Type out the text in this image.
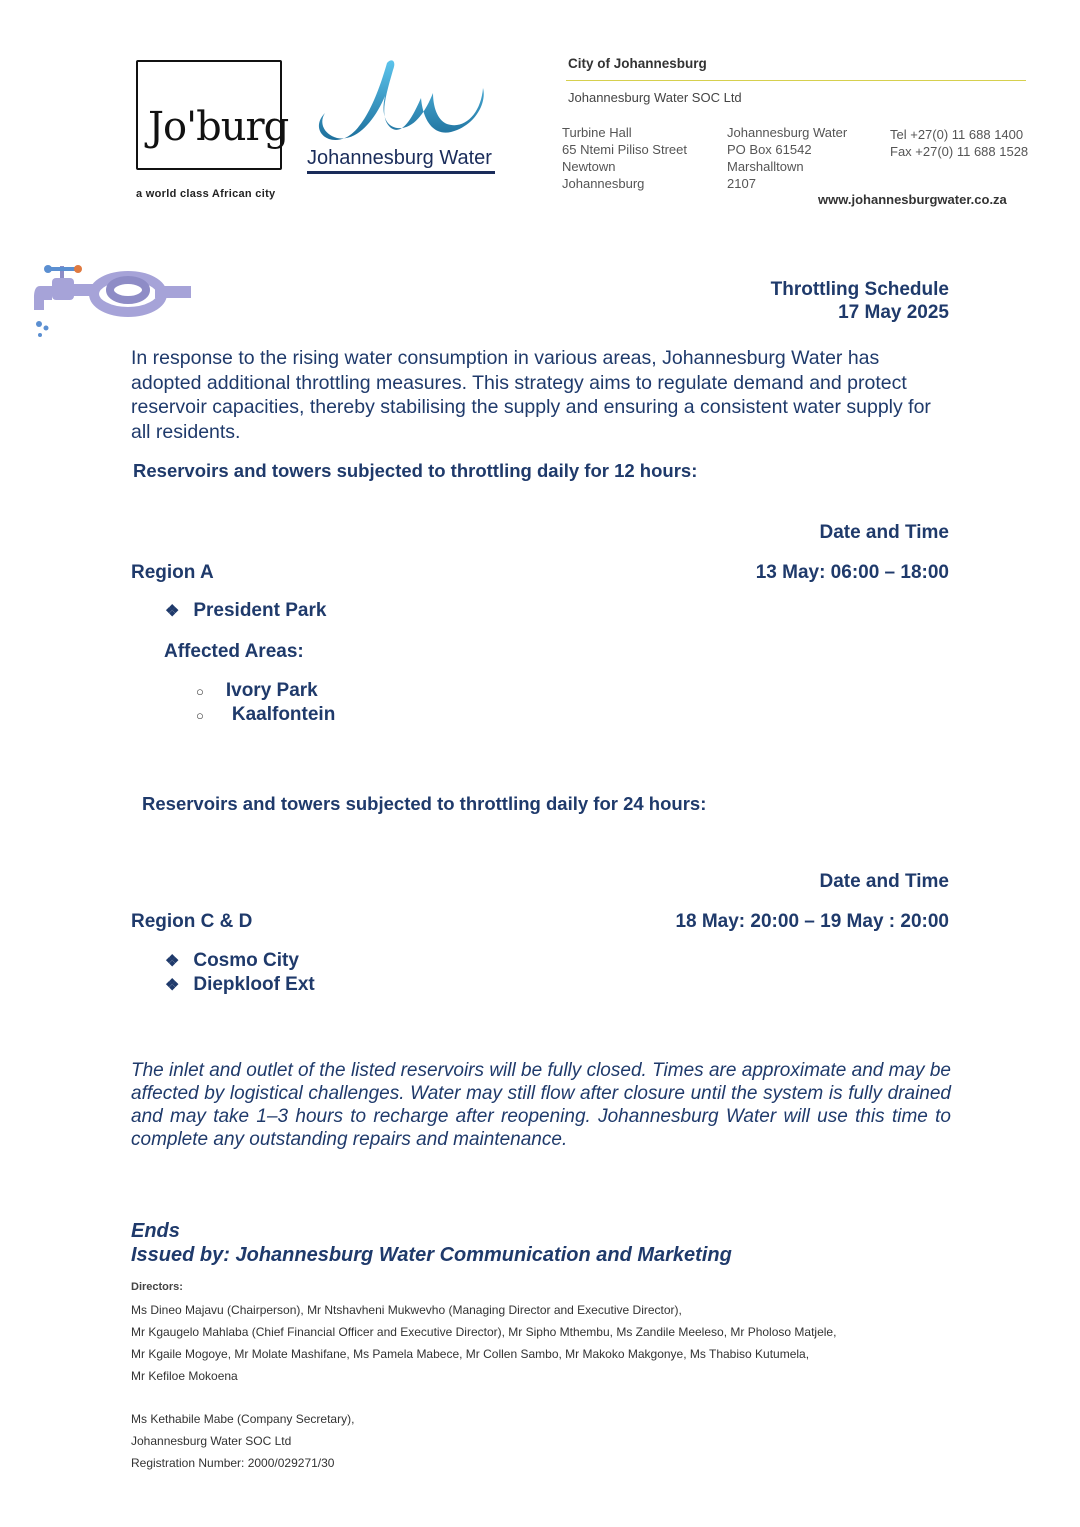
Jo'burg
a world class African city
Johannesburg Water
City of Johannesburg
Johannesburg Water SOC Ltd
Turbine Hall
65 Ntemi Piliso Street
Newtown
Johannesburg
Johannesburg Water
PO Box 61542
Marshalltown
2107
Tel +27(0) 11 688 1400
Fax +27(0) 11 688 1528
www.johannesburgwater.co.za
Throttling Schedule
17 May 2025
In response to the rising water consumption in various areas, Johannesburg Water has adopted additional throttling measures. This strategy aims to regulate demand and protect reservoir capacities, thereby stabilising the supply and ensuring a consistent water supply for all residents.
Reservoirs and towers subjected to throttling daily for 12 hours:
Date and Time
Region A	13 May: 06:00 – 18:00
❖ President Park
Affected Areas:
○ Ivory Park
○ Kaalfontein
Reservoirs and towers subjected to throttling daily for 24 hours:
Date and Time
Region C & D	18 May: 20:00 – 19 May : 20:00
❖ Cosmo City
❖ Diepkloof Ext
The inlet and outlet of the listed reservoirs will be fully closed. Times are approximate and may be affected by logistical challenges. Water may still flow after closure until the system is fully drained and may take 1–3 hours to recharge after reopening. Johannesburg Water will use this time to complete any outstanding repairs and maintenance.
Ends
Issued by: Johannesburg Water Communication and Marketing
Directors:
Ms Dineo Majavu (Chairperson), Mr Ntshavheni Mukwevho (Managing Director and Executive Director),
Mr Kgaugelo Mahlaba (Chief Financial Officer and Executive Director), Mr Sipho Mthembu, Ms Zandile Meeleso, Mr Pholoso Matjele,
Mr Kgaile Mogoye, Mr Molate Mashifane, Ms Pamela Mabece, Mr Collen Sambo, Mr Makoko Makgonye, Ms Thabiso Kutumela,
Mr Kefiloe Mokoena
Ms Kethabile Mabe (Company Secretary),
Johannesburg Water SOC Ltd
Registration Number: 2000/029271/30
